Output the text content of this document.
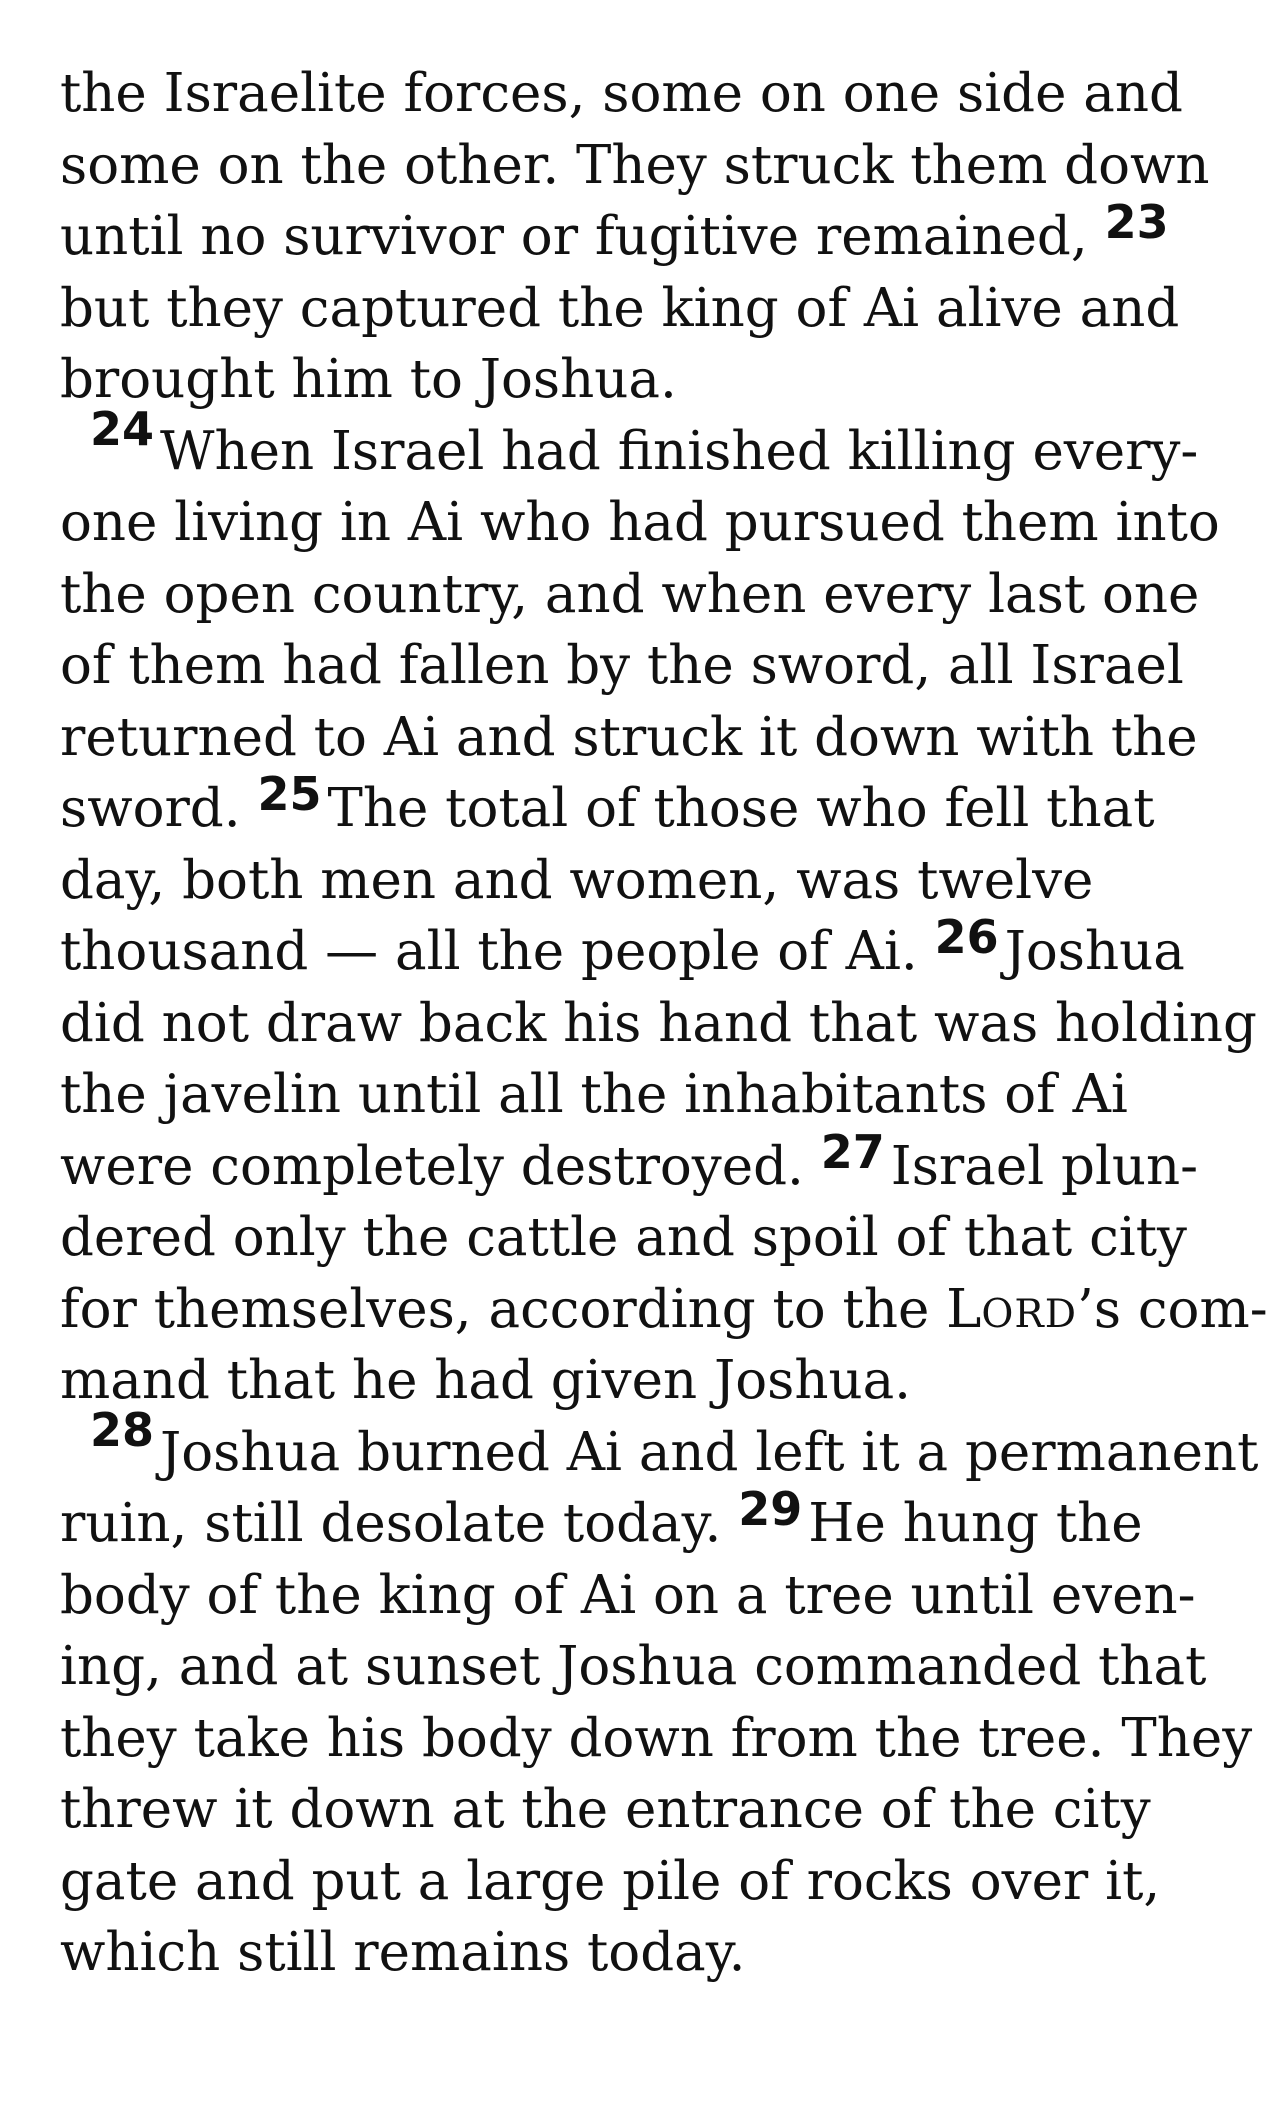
the Israelite forces, some on one side and
some on the other. They struck them down
until no survivor or fugitive remained, 23
but they captured the king of Ai alive and
brought him to Joshua.
24 When Israel had finished killing every-
one living in Ai who had pursued them into
the open country, and when every last one
of them had fallen by the sword, all Israel
returned to Ai and struck it down with the
sword. 25 The total of those who fell that
day, both men and women, was twelve
thousand — all the people of Ai. 26 Joshua
did not draw back his hand that was holding
the javelin until all the inhabitants of Ai
were completely destroyed. 27 Israel plun-
dered only the cattle and spoil of that city
for themselves, according to the LORD’s com-
mand that he had given Joshua.
28 Joshua burned Ai and left it a permanent
ruin, still desolate today. 29 He hung the
body of the king of Ai on a tree until even-
ing, and at sunset Joshua commanded that
they take his body down from the tree. They
threw it down at the entrance of the city
gate and put a large pile of rocks over it,
which still remains today.
